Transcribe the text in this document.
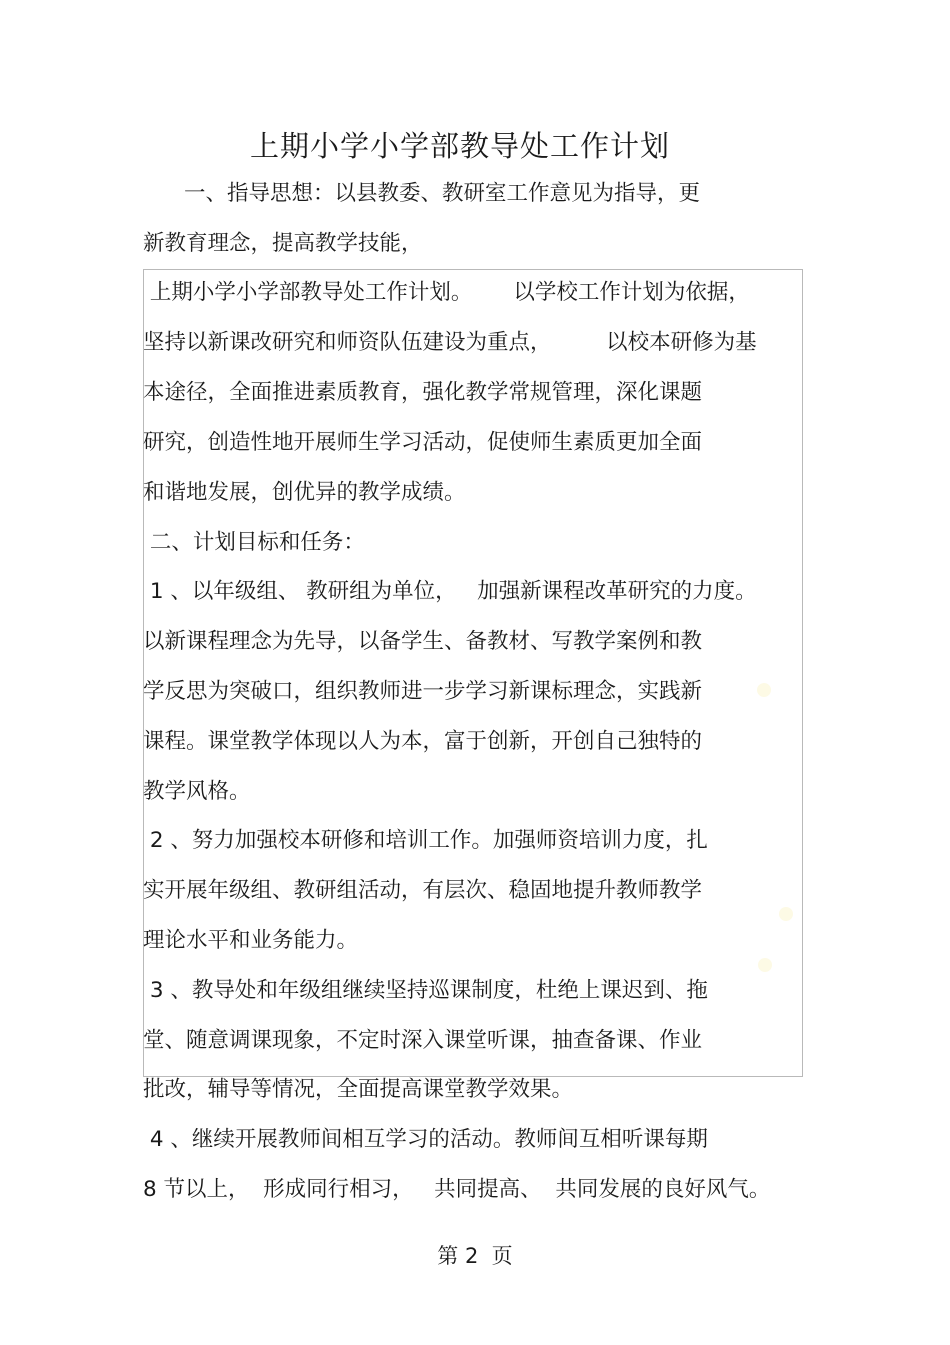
上期小学小学部教导处工作计划
一、指导思想：以县教委、教研室工作意见为指导，更
新教育理念，提高教学技能，
上期小学小学部教导处工作计划。      以学校工作计划为依据，
坚持以新课改研究和师资队伍建设为重点，        以校本研修为基
本途径，全面推进素质教育，强化教学常规管理，深化课题
研究，创造性地开展师生学习活动，促使师生素质更加全面
和谐地发展，创优异的教学成绩。
二、计划目标和任务：
1 、以年级组、 教研组为单位，   加强新课程改革研究的力度。
以新课程理念为先导，以备学生、备教材、写教学案例和教
学反思为突破口，组织教师进一步学习新课标理念，实践新
课程。课堂教学体现以人为本，富于创新，开创自己独特的
教学风格。
2 、努力加强校本研修和培训工作。加强师资培训力度，扎
实开展年级组、教研组活动，有层次、稳固地提升教师教学
理论水平和业务能力。
3 、教导处和年级组继续坚持巡课制度，杜绝上课迟到、拖
堂、随意调课现象，不定时深入课堂听课，抽查备课、作业
批改，辅导等情况，全面提高课堂教学效果。
4 、继续开展教师间相互学习的活动。教师间互相听课每期
8 节以上，  形成同行相习，   共同提高、  共同发展的良好风气。
第 2  页
